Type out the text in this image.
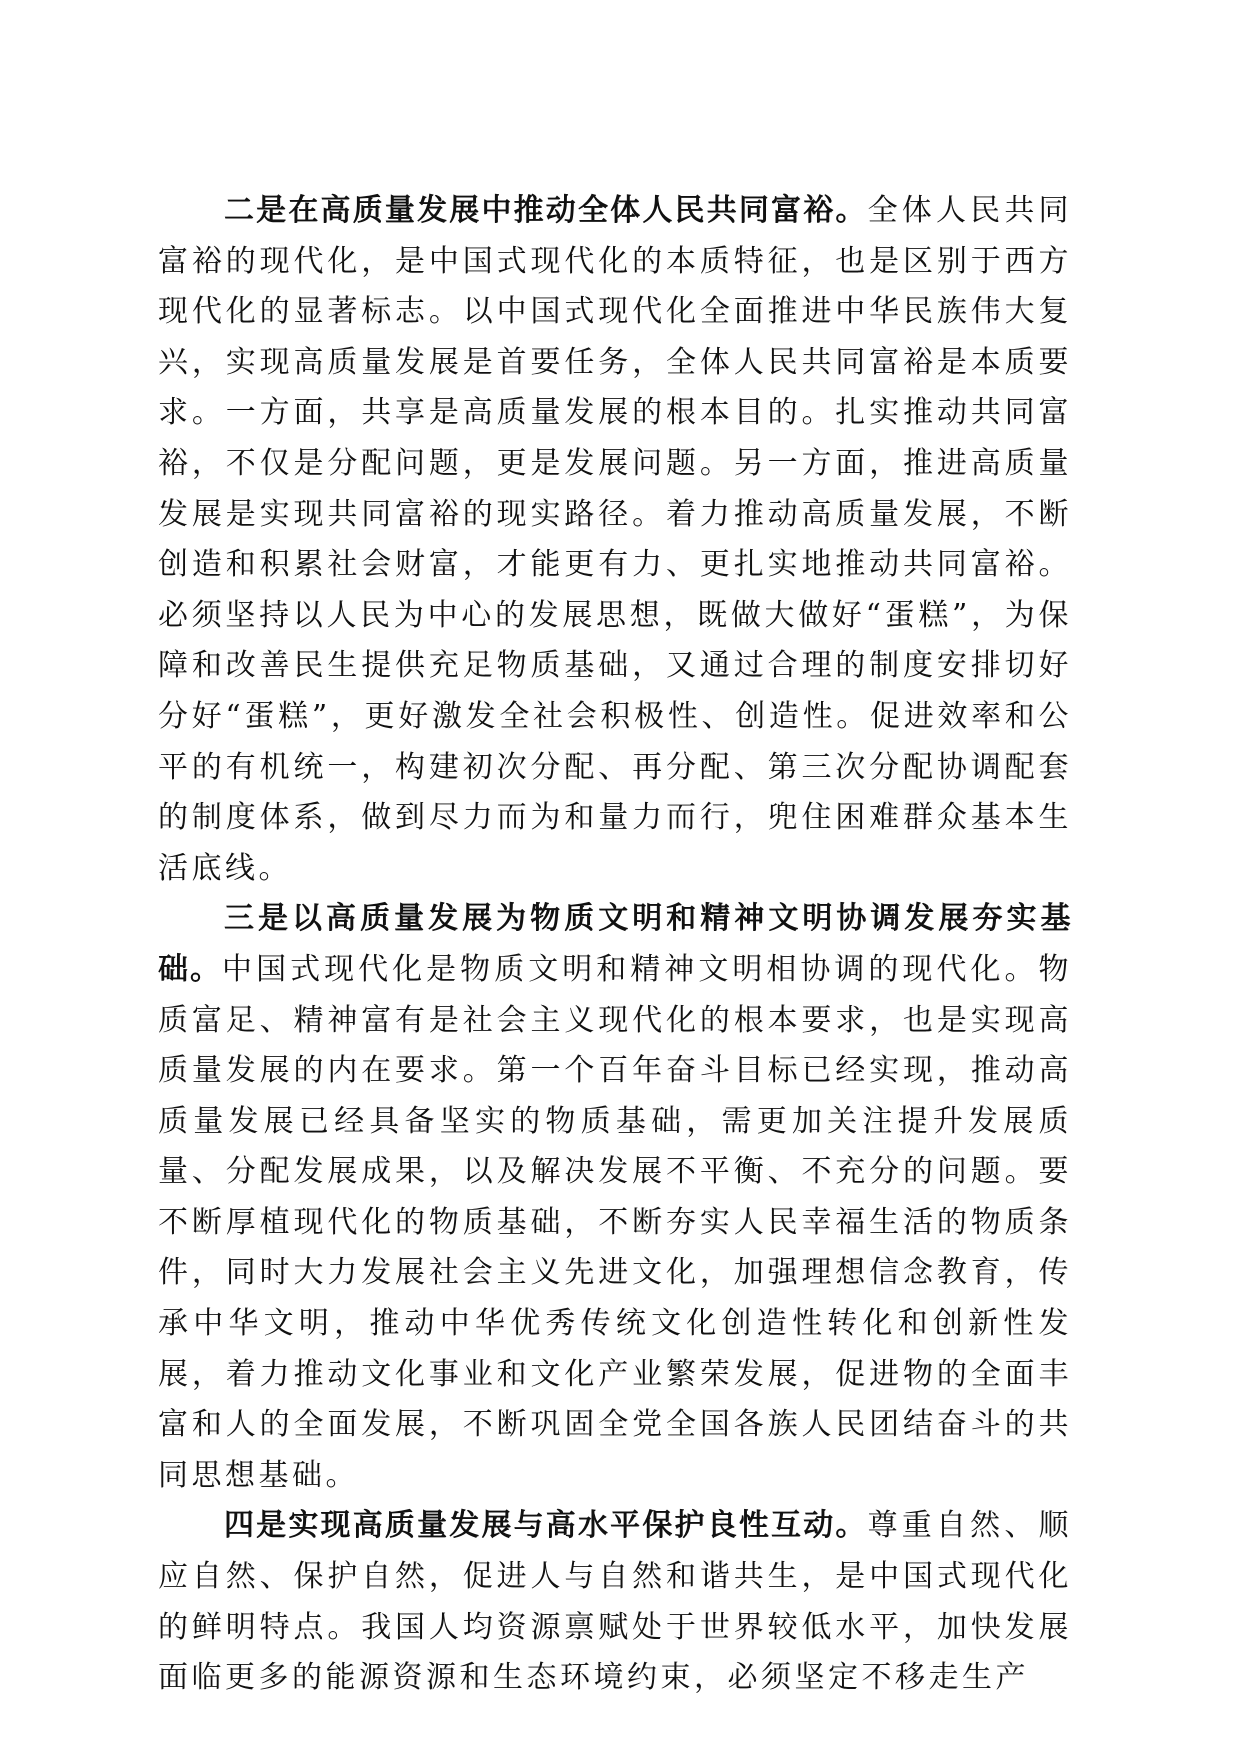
二是在高质量发展中推动全体人民共同富裕。全体人民共同富裕的现代化，是中国式现代化的本质特征，也是区别于西方现代化的显著标志。以中国式现代化全面推进中华民族伟大复兴，实现高质量发展是首要任务，全体人民共同富裕是本质要求。一方面，共享是高质量发展的根本目的。扎实推动共同富裕，不仅是分配问题，更是发展问题。另一方面，推进高质量发展是实现共同富裕的现实路径。着力推动高质量发展，不断创造和积累社会财富，才能更有力、更扎实地推动共同富裕。必须坚持以人民为中心的发展思想，既做大做好“蛋糕”，为保障和改善民生提供充足物质基础，又通过合理的制度安排切好分好“蛋糕”，更好激发全社会积极性、创造性。促进效率和公平的有机统一，构建初次分配、再分配、第三次分配协调配套的制度体系，做到尽力而为和量力而行，兜住困难群众基本生活底线。

三是以高质量发展为物质文明和精神文明协调发展夯实基础。中国式现代化是物质文明和精神文明相协调的现代化。物质富足、精神富有是社会主义现代化的根本要求，也是实现高质量发展的内在要求。第一个百年奋斗目标已经实现，推动高质量发展已经具备坚实的物质基础，需更加关注提升发展质量、分配发展成果，以及解决发展不平衡、不充分的问题。要不断厚植现代化的物质基础，不断夯实人民幸福生活的物质条件，同时大力发展社会主义先进文化，加强理想信念教育，传承中华文明，推动中华优秀传统文化创造性转化和创新性发展，着力推动文化事业和文化产业繁荣发展，促进物的全面丰富和人的全面发展，不断巩固全党全国各族人民团结奋斗的共同思想基础。

四是实现高质量发展与高水平保护良性互动。尊重自然、顺应自然、保护自然，促进人与自然和谐共生，是中国式现代化的鲜明特点。我国人均资源禀赋处于世界较低水平，加快发展面临更多的能源资源和生态环境约束，必须坚定不移走生产
